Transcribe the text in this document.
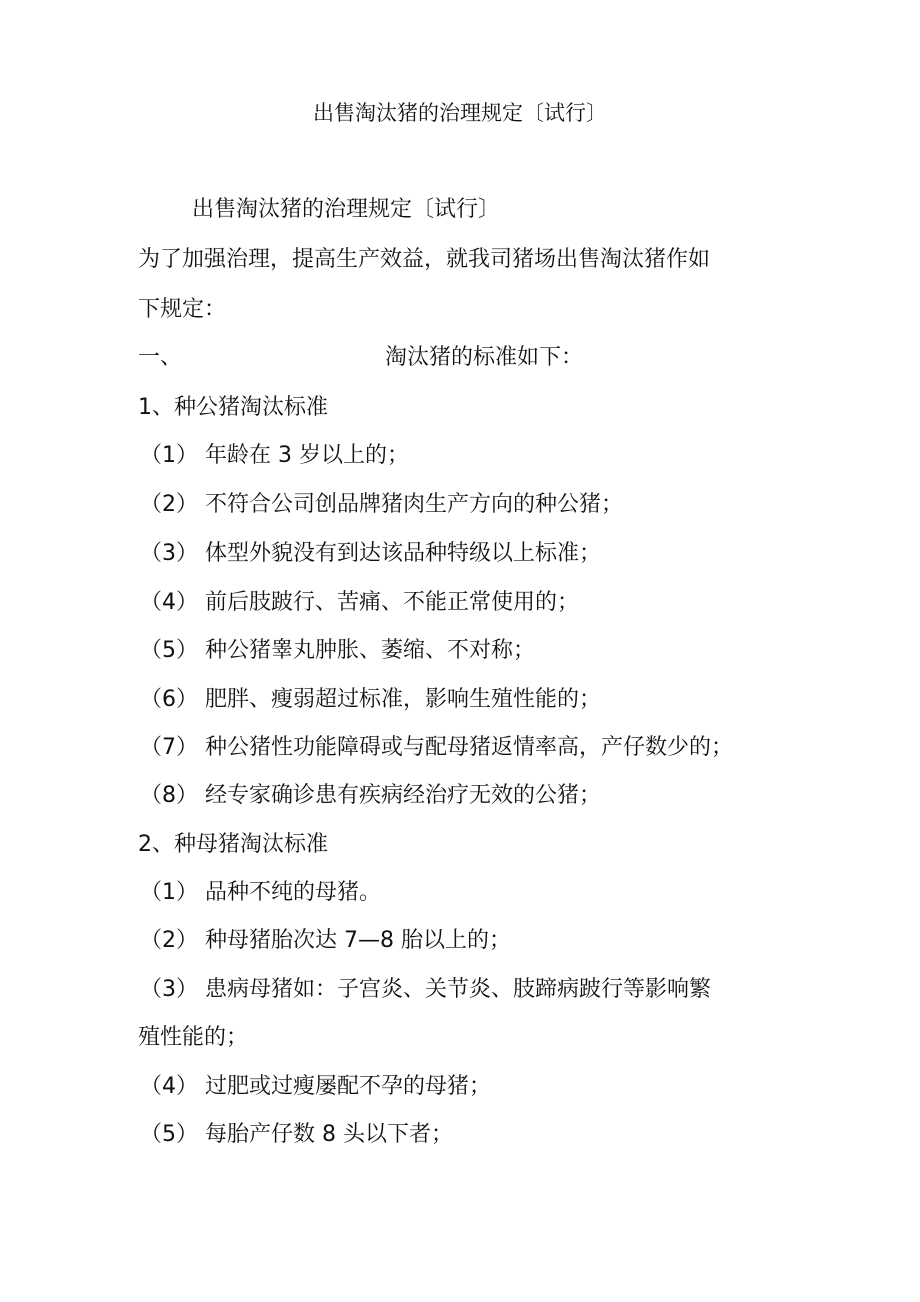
出售淘汰猪的治理规定〔试行〕
出售淘汰猪的治理规定〔试行〕
为了加强治理，提高生产效益，就我司猪场出售淘汰猪作如
下规定：
一、	淘汰猪的标准如下：
1、种公猪淘汰标准
（1） 年龄在 3 岁以上的；
（2） 不符合公司创品牌猪肉生产方向的种公猪；
（3） 体型外貌没有到达该品种特级以上标准；
（4） 前后肢跛行、苦痛、不能正常使用的；
（5） 种公猪睾丸肿胀、萎缩、不对称；
（6） 肥胖、瘦弱超过标准，影响生殖性能的；
（7） 种公猪性功能障碍或与配母猪返情率高，产仔数少的；
（8） 经专家确诊患有疾病经治疗无效的公猪；
2、种母猪淘汰标准
（1） 品种不纯的母猪。
（2） 种母猪胎次达 7—8 胎以上的；
（3） 患病母猪如：子宫炎、关节炎、肢蹄病跛行等影响繁
殖性能的；
（4） 过肥或过瘦屡配不孕的母猪；
（5） 每胎产仔数 8 头以下者；
